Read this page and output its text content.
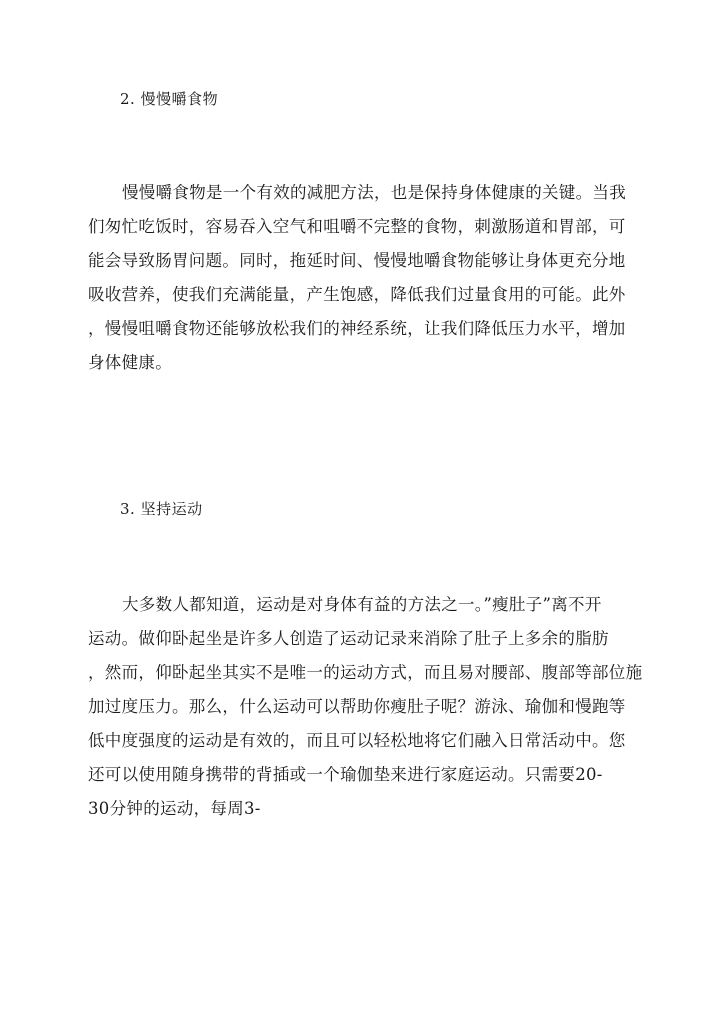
2. 慢慢嚼食物
慢慢嚼食物是一个有效的减肥方法，也是保持身体健康的关键。当我
们匆忙吃饭时，容易吞入空气和咀嚼不完整的食物，刺激肠道和胃部，可
能会导致肠胃问题。同时，拖延时间、慢慢地嚼食物能够让身体更充分地
吸收营养，使我们充满能量，产生饱感，降低我们过量食用的可能。此外
，慢慢咀嚼食物还能够放松我们的神经系统，让我们降低压力水平，增加
身体健康。
3. 坚持运动
大多数人都知道，运动是对身体有益的方法之一。”瘦肚子”离不开
运动。做仰卧起坐是许多人创造了运动记录来消除了肚子上多余的脂肪
，然而，仰卧起坐其实不是唯一的运动方式，而且易对腰部、腹部等部位施
加过度压力。那么，什么运动可以帮助你瘦肚子呢？游泳、瑜伽和慢跑等
低中度强度的运动是有效的，而且可以轻松地将它们融入日常活动中。您
还可以使用随身携带的背插或一个瑜伽垫来进行家庭运动。只需要20-
30分钟的运动，每周3-
